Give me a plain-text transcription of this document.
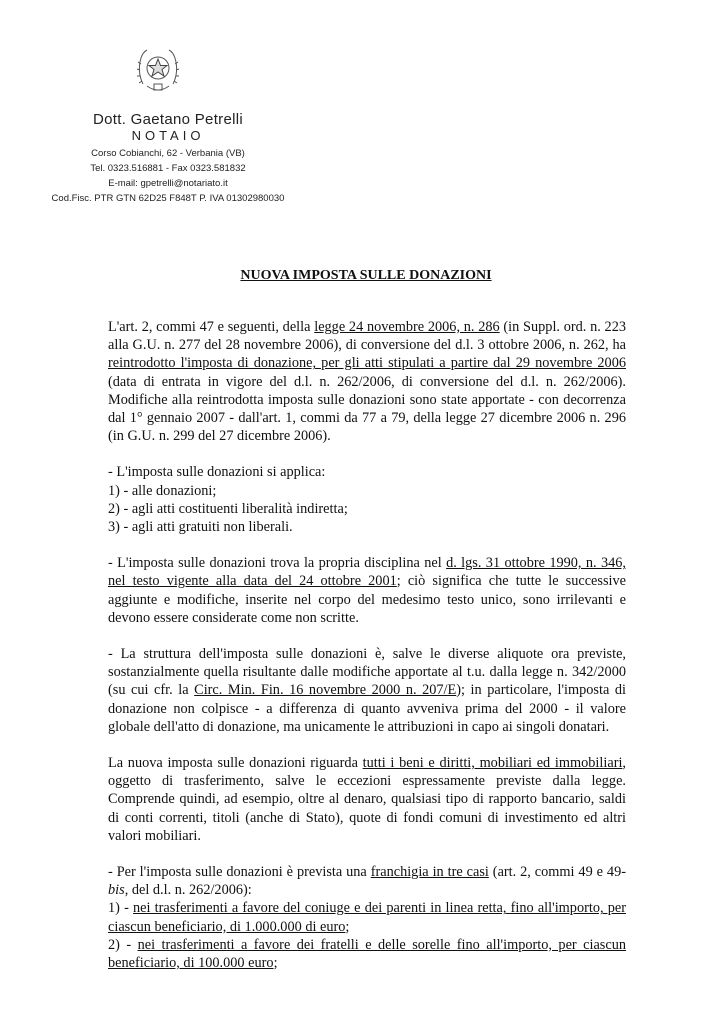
Dott. Gaetano Petrelli
NOTAIO
Corso Cobianchi, 62 - Verbania (VB)
Tel. 0323.516881 - Fax 0323.581832
E-mail: gpetrelli@notariato.it
Cod.Fisc. PTR GTN 62D25 F848T P. IVA 01302980030
NUOVA IMPOSTA SULLE DONAZIONI

L'art. 2, commi 47 e seguenti, della legge 24 novembre 2006, n. 286 (in Suppl. ord. n. 223 alla G.U. n. 277 del 28 novembre 2006), di conversione del d.l. 3 ottobre 2006, n. 262, ha reintrodotto l'imposta di donazione, per gli atti stipulati a partire dal 29 novembre 2006 (data di entrata in vigore del d.l. n. 262/2006, di conversione del d.l. n. 262/2006). Modifiche alla reintrodotta imposta sulle donazioni sono state apportate - con decorrenza dal 1° gennaio 2007 - dall'art. 1, commi da 77 a 79, della legge 27 dicembre 2006 n. 296 (in G.U. n. 299 del 27 dicembre 2006).

- L'imposta sulle donazioni si applica:
1) - alle donazioni;
2) - agli atti costituenti liberalità indiretta;
3) - agli atti gratuiti non liberali.

- L'imposta sulle donazioni trova la propria disciplina nel d. lgs. 31 ottobre 1990, n. 346, nel testo vigente alla data del 24 ottobre 2001; ciò significa che tutte le successive aggiunte e modifiche, inserite nel corpo del medesimo testo unico, sono irrilevanti e devono essere considerate come non scritte.

- La struttura dell'imposta sulle donazioni è, salve le diverse aliquote ora previste, sostanzialmente quella risultante dalle modifiche apportate al t.u. dalla legge n. 342/2000 (su cui cfr. la Circ. Min. Fin. 16 novembre 2000 n. 207/E); in particolare, l'imposta di donazione non colpisce - a differenza di quanto avveniva prima del 2000 - il valore globale dell'atto di donazione, ma unicamente le attribuzioni in capo ai singoli donatari.

La nuova imposta sulle donazioni riguarda tutti i beni e diritti, mobiliari ed immobiliari, oggetto di trasferimento, salve le eccezioni espressamente previste dalla legge. Comprende quindi, ad esempio, oltre al denaro, qualsiasi tipo di rapporto bancario, saldi di conti correnti, titoli (anche di Stato), quote di fondi comuni di investimento ed altri valori mobiliari.

- Per l'imposta sulle donazioni è prevista una franchigia in tre casi (art. 2, commi 49 e 49-bis, del d.l. n. 262/2006):
1) - nei trasferimenti a favore del coniuge e dei parenti in linea retta, fino all'importo, per ciascun beneficiario, di 1.000.000 di euro;
2) - nei trasferimenti a favore dei fratelli e delle sorelle fino all'importo, per ciascun beneficiario, di 100.000 euro;
